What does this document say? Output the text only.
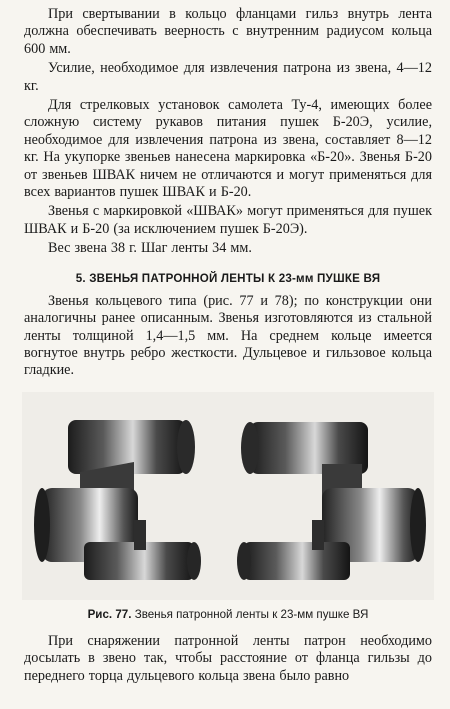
При свертывании в кольцо фланцами гильз внутрь лента должна обеспечивать веерность с внутренним радиусом кольца 600 мм.

Усилие, необходимое для извлечения патрона из звена, 4—12 кг.

Для стрелковых установок самолета Ту-4, имеющих более сложную систему рукавов питания пушек Б-20Э, усилие, необходимое для извлечения патрона из звена, составляет 8—12 кг. На укупорке звеньев нанесена маркировка «Б-20». Звенья Б-20 от звеньев ШВАК ничем не отличаются и могут применяться для всех вариантов пушек ШВАК и Б-20.

Звенья с маркировкой «ШВАК» могут применяться для пушек ШВАК и Б-20 (за исключением пушек Б-20Э).

Вес звена 38 г. Шаг ленты 34 мм.

5. ЗВЕНЬЯ ПАТРОННОЙ ЛЕНТЫ К 23-мм ПУШКЕ ВЯ

Звенья кольцевого типа (рис. 77 и 78); по конструкции они аналогичны ранее описанным. Звенья изготовляются из стальной ленты толщиной 1,4—1,5 мм. На среднем кольце имеется вогнутое внутрь ребро жесткости. Дульцевое и гильзовое кольца гладкие.

Рис. 77. Звенья патронной ленты к 23-мм пушке ВЯ

При снаряжении патронной ленты патрон необходимо досылать в звено так, чтобы расстояние от фланца гильзы до переднего торца дульцевого кольца звена было равно
